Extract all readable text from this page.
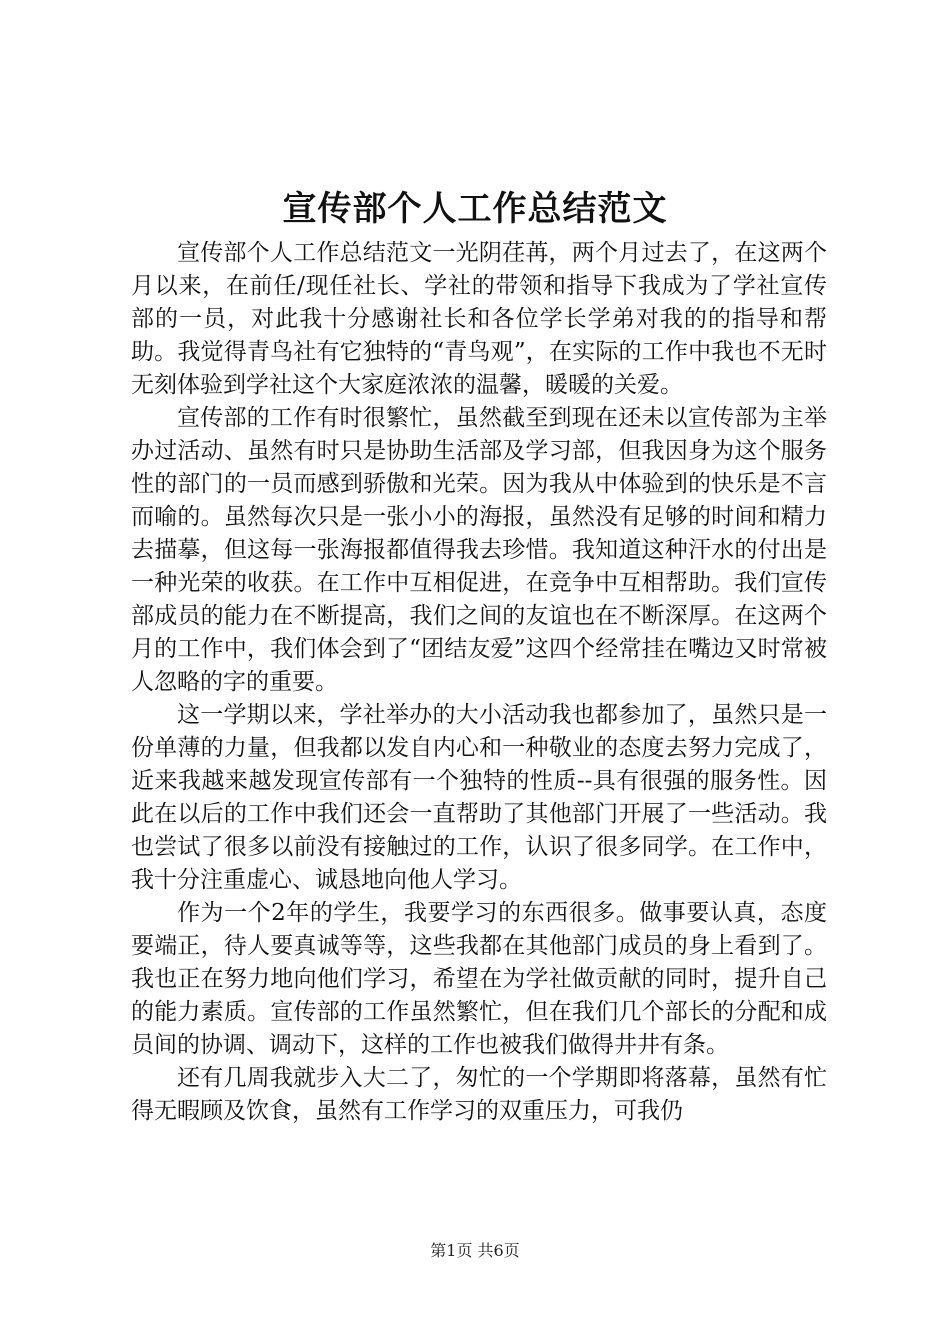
宣传部个人工作总结范文

宣传部个人工作总结范文一光阴荏苒，两个月过去了，在这两个月以来，在前任/现任社长、学社的带领和指导下我成为了学社宣传部的一员，对此我十分感谢社长和各位学长学弟对我的的指导和帮助。我觉得青鸟社有它独特的“青鸟观”，在实际的工作中我也不无时无刻体验到学社这个大家庭浓浓的温馨，暖暖的关爱。

宣传部的工作有时很繁忙，虽然截至到现在还未以宣传部为主举办过活动、虽然有时只是协助生活部及学习部，但我因身为这个服务性的部门的一员而感到骄傲和光荣。因为我从中体验到的快乐是不言而喻的。虽然每次只是一张小小的海报，虽然没有足够的时间和精力去描摹，但这每一张海报都值得我去珍惜。我知道这种汗水的付出是一种光荣的收获。在工作中互相促进，在竞争中互相帮助。我们宣传部成员的能力在不断提高，我们之间的友谊也在不断深厚。在这两个月的工作中，我们体会到了“团结友爱”这四个经常挂在嘴边又时常被人忽略的字的重要。

这一学期以来，学社举办的大小活动我也都参加了，虽然只是一份单薄的力量，但我都以发自内心和一种敬业的态度去努力完成了，近来我越来越发现宣传部有一个独特的性质--具有很强的服务性。因此在以后的工作中我们还会一直帮助了其他部门开展了一些活动。我也尝试了很多以前没有接触过的工作，认识了很多同学。在工作中，我十分注重虚心、诚恳地向他人学习。

作为一个2年的学生，我要学习的东西很多。做事要认真，态度要端正，待人要真诚等等，这些我都在其他部门成员的身上看到了。我也正在努力地向他们学习，希望在为学社做贡献的同时，提升自己的能力素质。宣传部的工作虽然繁忙，但在我们几个部长的分配和成员间的协调、调动下，这样的工作也被我们做得井井有条。

还有几周我就步入大二了，匆忙的一个学期即将落幕，虽然有忙得无暇顾及饮食，虽然有工作学习的双重压力，可我仍

第1页 共6页
